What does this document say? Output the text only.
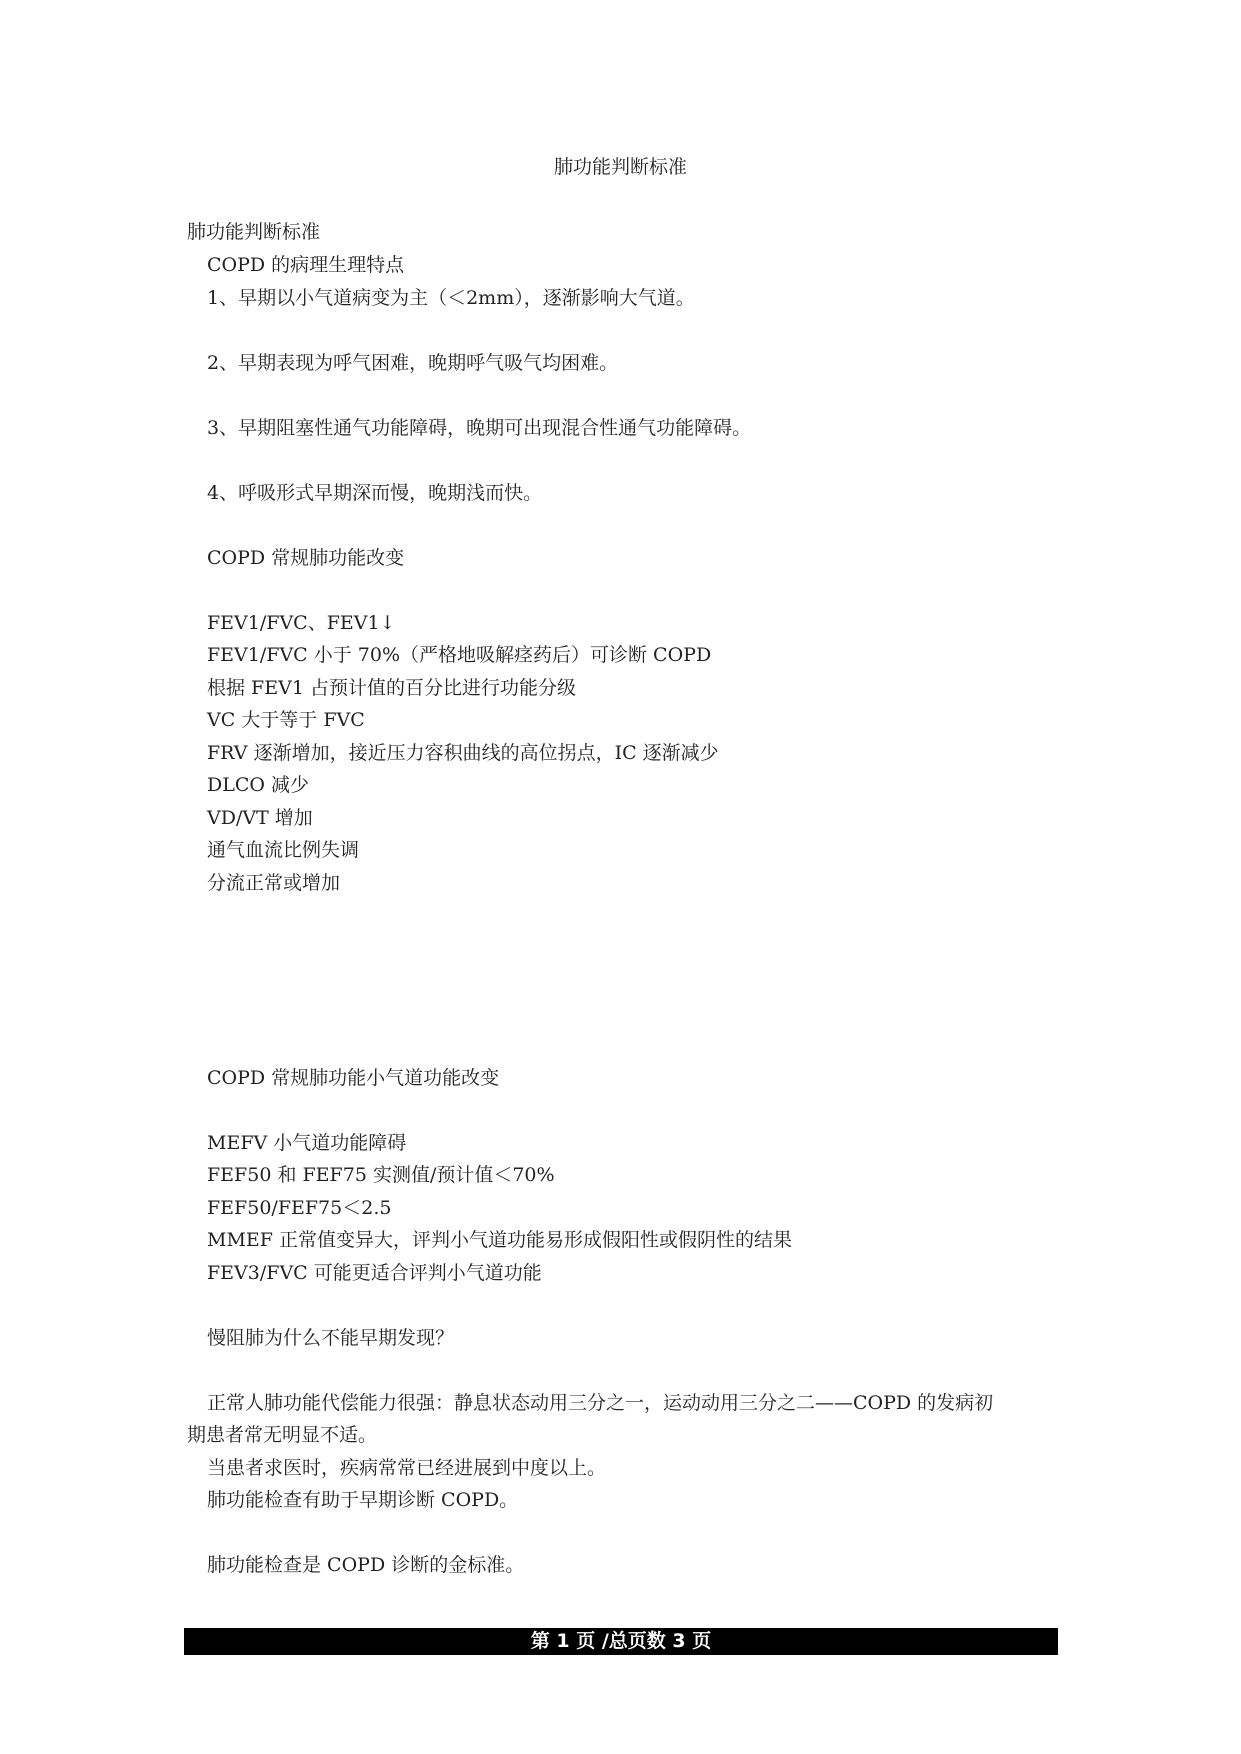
肺功能判断标准
肺功能判断标准
COPD 的病理生理特点
1、早期以小气道病变为主（＜2mm），逐渐影响大气道。
2、早期表现为呼气困难，晚期呼气吸气均困难。
3、早期阻塞性通气功能障碍，晚期可出现混合性通气功能障碍。
4、呼吸形式早期深而慢，晚期浅而快。
COPD 常规肺功能改变
FEV1/FVC、FEV1↓
FEV1/FVC 小于 70%（严格地吸解痉药后）可诊断 COPD
根据 FEV1 占预计值的百分比进行功能分级
VC 大于等于 FVC
FRV 逐渐增加，接近压力容积曲线的高位拐点，IC 逐渐减少
DLCO 减少
VD/VT 增加
通气血流比例失调
分流正常或增加
COPD 常规肺功能小气道功能改变
MEFV 小气道功能障碍
FEF50 和 FEF75 实测值/预计值＜70%
FEF50/FEF75＜2.5
MMEF 正常值变异大，评判小气道功能易形成假阳性或假阴性的结果
FEV3/FVC 可能更适合评判小气道功能
慢阻肺为什么不能早期发现？
正常人肺功能代偿能力很强：静息状态动用三分之一，运动动用三分之二——COPD 的发病初
期患者常无明显不适。
当患者求医时，疾病常常已经进展到中度以上。
肺功能检查有助于早期诊断 COPD。
肺功能检查是 COPD 诊断的金标准。
第 1 页 /总页数 3 页
